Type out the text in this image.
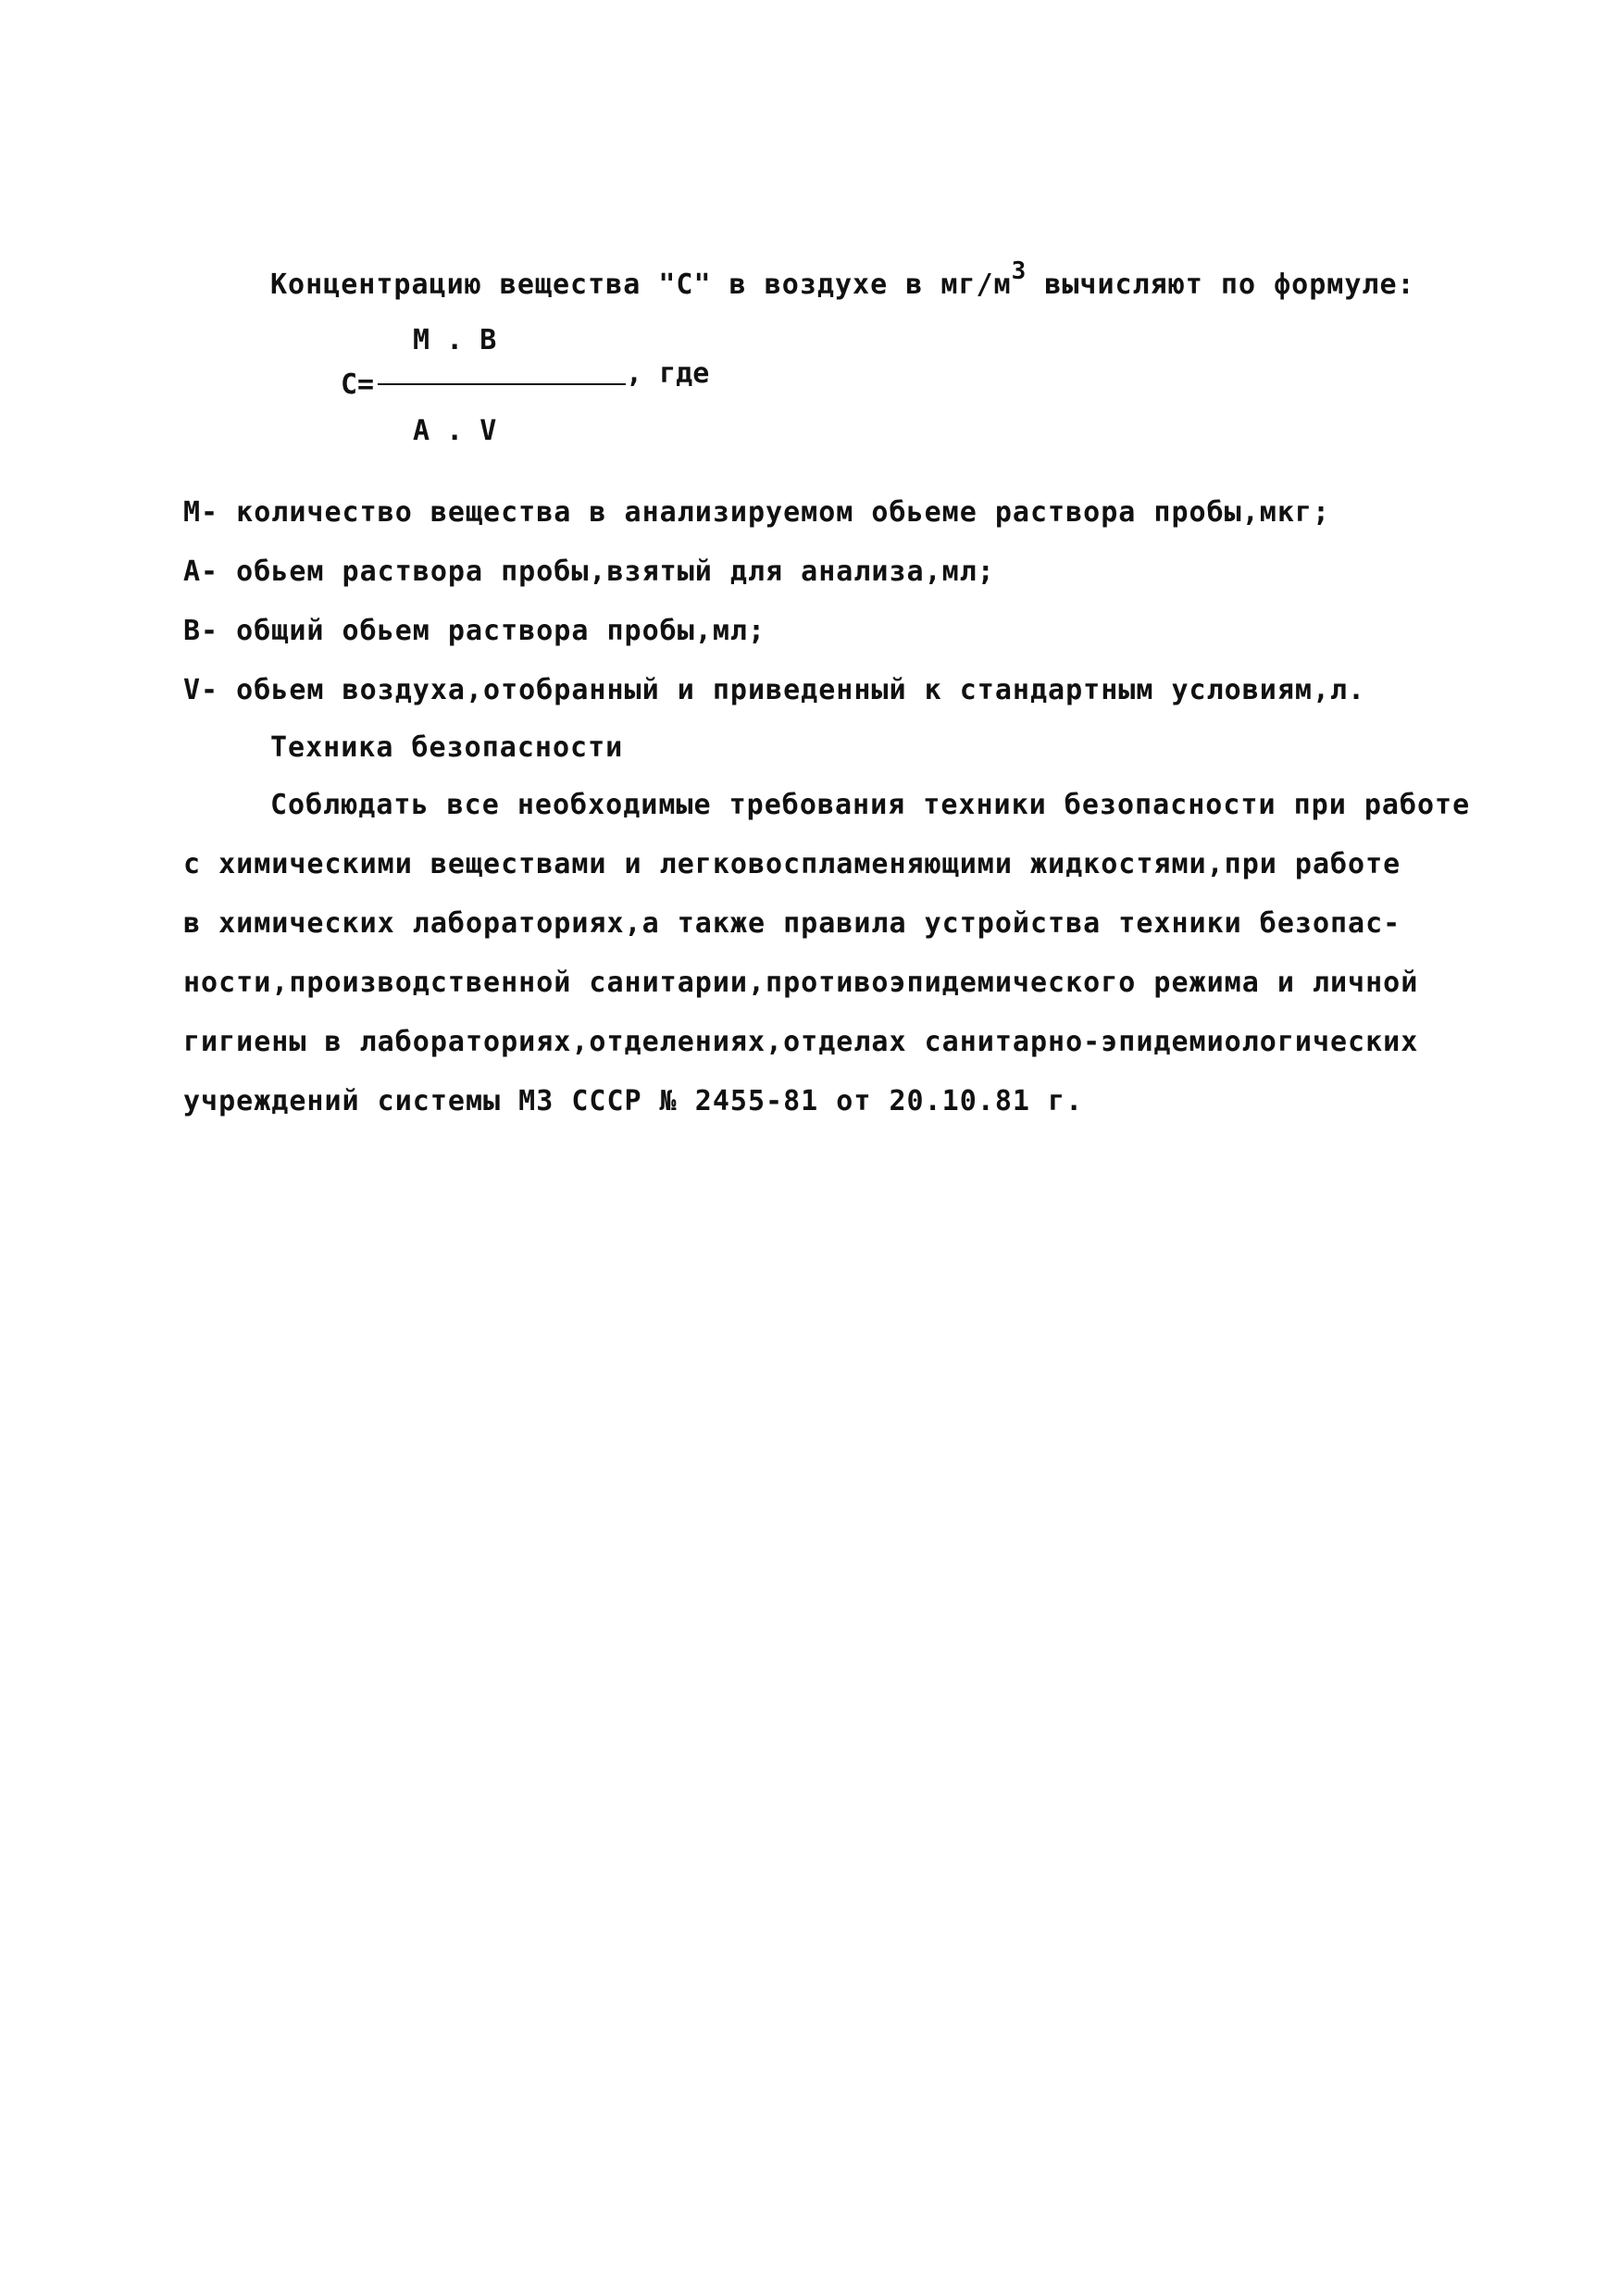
Концентрацию вещества "С" в воздухе в мг/м3 вычисляют по формуле:
М . В
С=	, где
А . V
М- количество вещества в анализируемом обьеме раствора пробы,мкг;
А- обьем раствора пробы,взятый для анализа,мл;
В- общий обьем раствора пробы,мл;
V- обьем воздуха,отобранный и приведенный к стандартным условиям,л.
Техника безопасности
Соблюдать все необходимые требования техники безопасности при работе
с химическими веществами и легковоспламеняющими жидкостями,при работе
в химических лабораториях,а также правила устройства техники безопас-
ности,производственной санитарии,противоэпидемического режима и личной
гигиены в лабораториях,отделениях,отделах санитарно-эпидемиологических
учреждений системы МЗ СССР № 2455-81 от 20.10.81 г.
